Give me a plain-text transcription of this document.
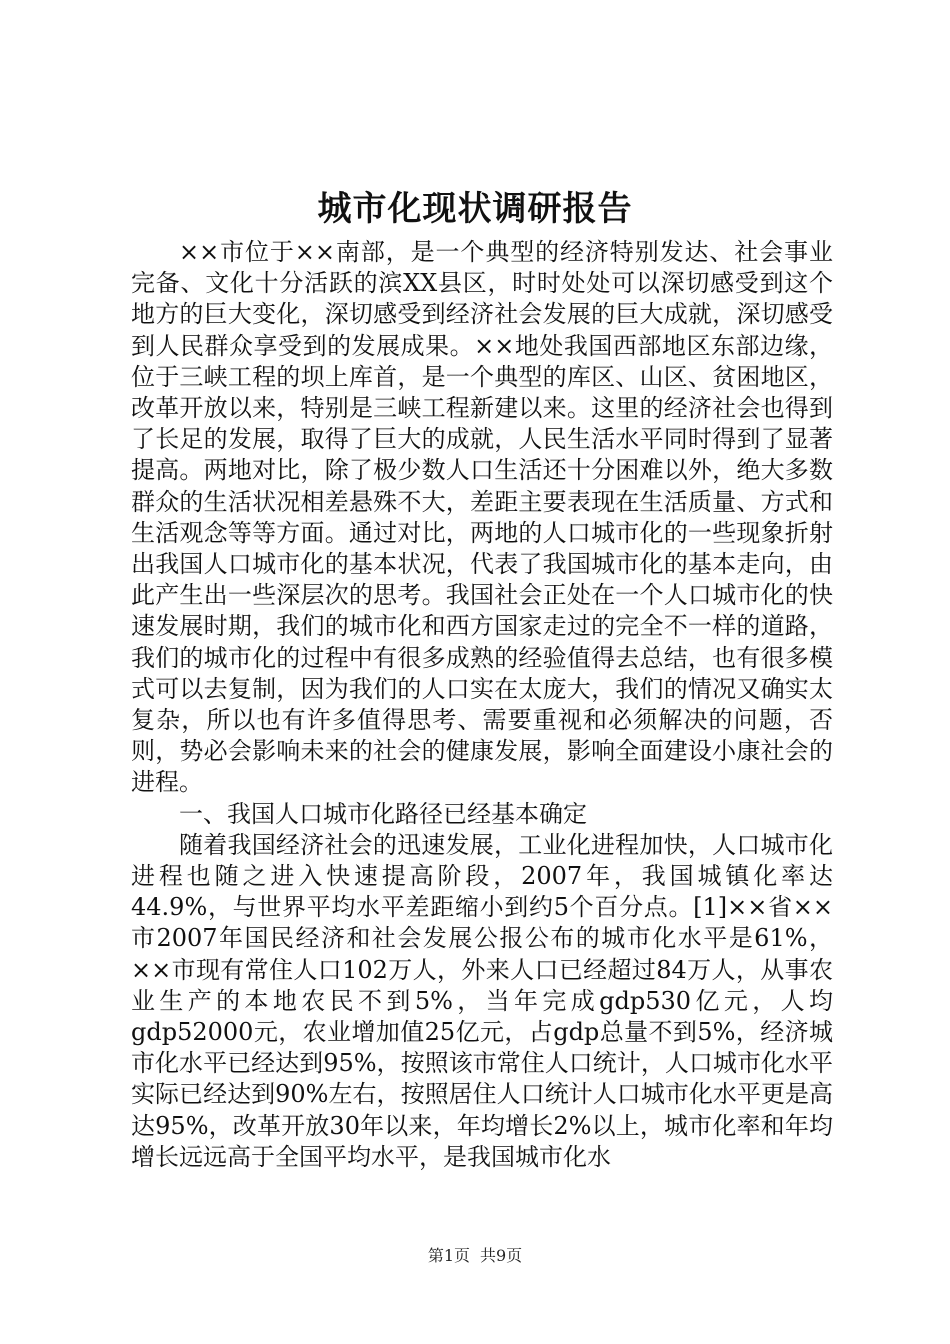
城市化现状调研报告

××市位于××南部，是一个典型的经济特别发达、社会事业完备、文化十分活跃的滨XX县区，时时处处可以深切感受到这个地方的巨大变化，深切感受到经济社会发展的巨大成就，深切感受到人民群众享受到的发展成果。××地处我国西部地区东部边缘，位于三峡工程的坝上库首，是一个典型的库区、山区、贫困地区，改革开放以来，特别是三峡工程新建以来。这里的经济社会也得到了长足的发展，取得了巨大的成就，人民生活水平同时得到了显著提高。两地对比，除了极少数人口生活还十分困难以外，绝大多数群众的生活状况相差悬殊不大，差距主要表现在生活质量、方式和生活观念等等方面。通过对比，两地的人口城市化的一些现象折射出我国人口城市化的基本状况，代表了我国城市化的基本走向，由此产生出一些深层次的思考。我国社会正处在一个人口城市化的快速发展时期，我们的城市化和西方国家走过的完全不一样的道路，我们的城市化的过程中有很多成熟的经验值得去总结，也有很多模式可以去复制，因为我们的人口实在太庞大，我们的情况又确实太复杂，所以也有许多值得思考、需要重视和必须解决的问题，否则，势必会影响未来的社会的健康发展，影响全面建设小康社会的进程。

一、我国人口城市化路径已经基本确定

随着我国经济社会的迅速发展，工业化进程加快，人口城市化进程也随之进入快速提高阶段，2007年，我国城镇化率达44.9%，与世界平均水平差距缩小到约5个百分点。[1]××省××市2007年国民经济和社会发展公报公布的城市化水平是61%，××市现有常住人口102万人，外来人口已经超过84万人，从事农业生产的本地农民不到5%，当年完成gdp530亿元，人均gdp52000元，农业增加值25亿元，占gdp总量不到5%，经济城市化水平已经达到95%，按照该市常住人口统计，人口城市化水平实际已经达到90%左右，按照居住人口统计人口城市化水平更是高达95%，改革开放30年以来，年均增长2%以上，城市化率和年均增长远远高于全国平均水平，是我国城市化水

第1页 共9页
